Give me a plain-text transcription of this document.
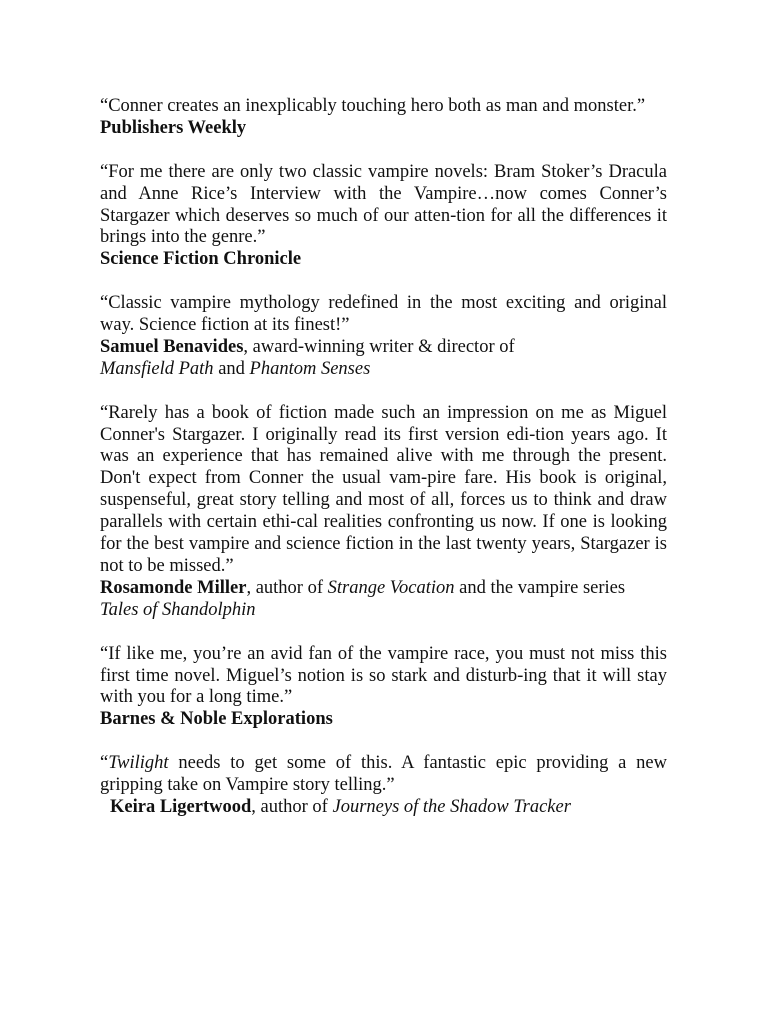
“Conner creates an inexplicably touching hero both as man and monster.”

Publishers Weekly

“For me there are only two classic vampire novels: Bram Stoker’s Dracula and Anne Rice’s Interview with the Vampire…now comes Conner’s Stargazer which deserves so much of our atten-tion for all the differences it brings into the genre.”

Science Fiction Chronicle

“Classic vampire mythology redefined in the most exciting and original way. Science fiction at its finest!”

Samuel Benavides, award-winning writer & director of
Mansfield Path and Phantom Senses

“Rarely has a book of fiction made such an impression on me as Miguel Conner's Stargazer. I originally read its first version edi-tion years ago. It was an experience that has remained alive with me through the present. Don't expect from Conner the usual vam-pire fare. His book is original, suspenseful, great story telling and most of all, forces us to think and draw parallels with certain ethi-cal realities confronting us now. If one is looking for the best vampire and science fiction in the last twenty years, Stargazer is not to be missed.”

Rosamonde Miller, author of Strange Vocation and the vampire series Tales of Shandolphin

“If like me, you’re an avid fan of the vampire race, you must not miss this first time novel. Miguel’s notion is so stark and disturb-ing that it will stay with you for a long time.”

Barnes & Noble Explorations

“Twilight needs to get some of this. A fantastic epic providing a new gripping take on Vampire story telling.”

Keira Ligertwood, author of Journeys of the Shadow Tracker
